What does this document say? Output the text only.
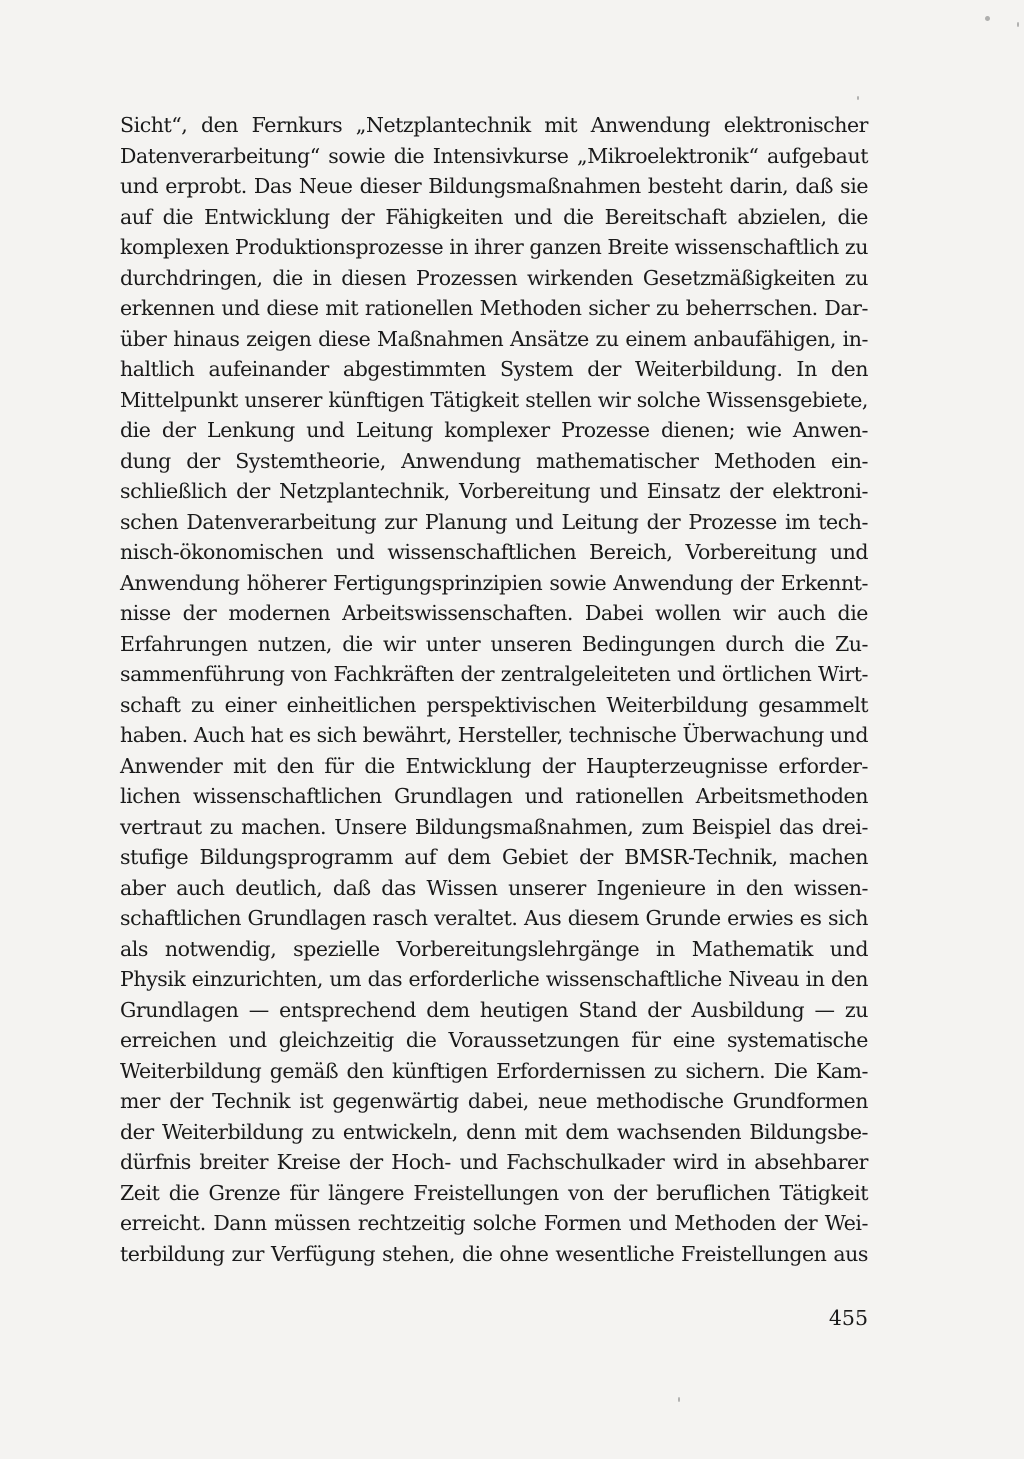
Sicht“, den Fernkurs „Netzplantechnik mit Anwendung elektronischer
Datenverarbeitung“ sowie die Intensivkurse „Mikroelektronik“ aufgebaut
und erprobt. Das Neue dieser Bildungsmaßnahmen besteht darin, daß sie
auf die Entwicklung der Fähigkeiten und die Bereitschaft abzielen, die
komplexen Produktionsprozesse in ihrer ganzen Breite wissenschaftlich zu
durchdringen, die in diesen Prozessen wirkenden Gesetzmäßigkeiten zu
erkennen und diese mit rationellen Methoden sicher zu beherrschen. Dar-
über hinaus zeigen diese Maßnahmen Ansätze zu einem anbaufähigen, in-
haltlich aufeinander abgestimmten System der Weiterbildung. In den
Mittelpunkt unserer künftigen Tätigkeit stellen wir solche Wissensgebiete,
die der Lenkung und Leitung komplexer Prozesse dienen; wie Anwen-
dung der Systemtheorie, Anwendung mathematischer Methoden ein-
schließlich der Netzplantechnik, Vorbereitung und Einsatz der elektroni-
schen Datenverarbeitung zur Planung und Leitung der Prozesse im tech-
nisch-ökonomischen und wissenschaftlichen Bereich, Vorbereitung und
Anwendung höherer Fertigungsprinzipien sowie Anwendung der Erkennt-
nisse der modernen Arbeitswissenschaften. Dabei wollen wir auch die
Erfahrungen nutzen, die wir unter unseren Bedingungen durch die Zu-
sammenführung von Fachkräften der zentralgeleiteten und örtlichen Wirt-
schaft zu einer einheitlichen perspektivischen Weiterbildung gesammelt
haben. Auch hat es sich bewährt, Hersteller, technische Überwachung und
Anwender mit den für die Entwicklung der Haupterzeugnisse erforder-
lichen wissenschaftlichen Grundlagen und rationellen Arbeitsmethoden
vertraut zu machen. Unsere Bildungsmaßnahmen, zum Beispiel das drei-
stufige Bildungsprogramm auf dem Gebiet der BMSR-Technik, machen
aber auch deutlich, daß das Wissen unserer Ingenieure in den wissen-
schaftlichen Grundlagen rasch veraltet. Aus diesem Grunde erwies es sich
als notwendig, spezielle Vorbereitungslehrgänge in Mathematik und
Physik einzurichten, um das erforderliche wissenschaftliche Niveau in den
Grundlagen — entsprechend dem heutigen Stand der Ausbildung — zu
erreichen und gleichzeitig die Voraussetzungen für eine systematische
Weiterbildung gemäß den künftigen Erfordernissen zu sichern. Die Kam-
mer der Technik ist gegenwärtig dabei, neue methodische Grundformen
der Weiterbildung zu entwickeln, denn mit dem wachsenden Bildungsbe-
dürfnis breiter Kreise der Hoch- und Fachschulkader wird in absehbarer
Zeit die Grenze für längere Freistellungen von der beruflichen Tätigkeit
erreicht. Dann müssen rechtzeitig solche Formen und Methoden der Wei-
terbildung zur Verfügung stehen, die ohne wesentliche Freistellungen aus
455
